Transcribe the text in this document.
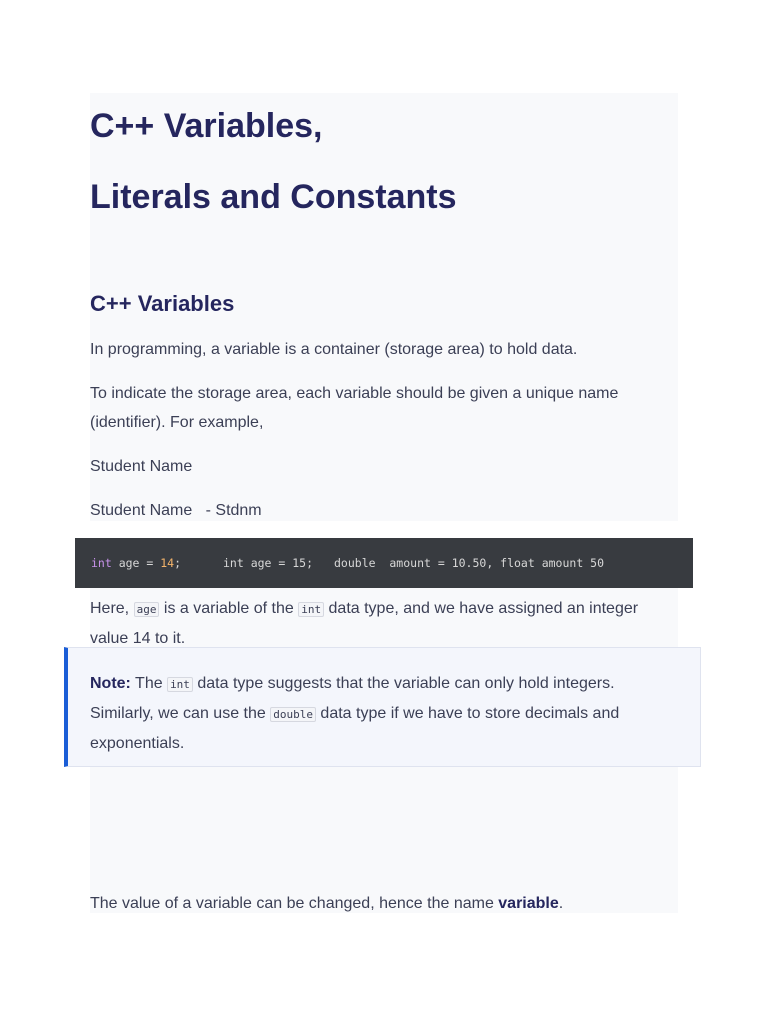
C++ Variables,
Literals and Constants
C++ Variables

In programming, a variable is a container (storage area) to hold data.

To indicate the storage area, each variable should be given a unique name (identifier). For example,

Student Name

Student Name   - Stdnm

int age = 14;	int age = 15; double  amount = 10.50, float amount 50

Here, age is a variable of the int data type, and we have assigned an integer value 14 to it.

Note: The int data type suggests that the variable can only hold integers. Similarly, we can use the double data type if we have to store decimals and exponentials.

The value of a variable can be changed, hence the name variable.
